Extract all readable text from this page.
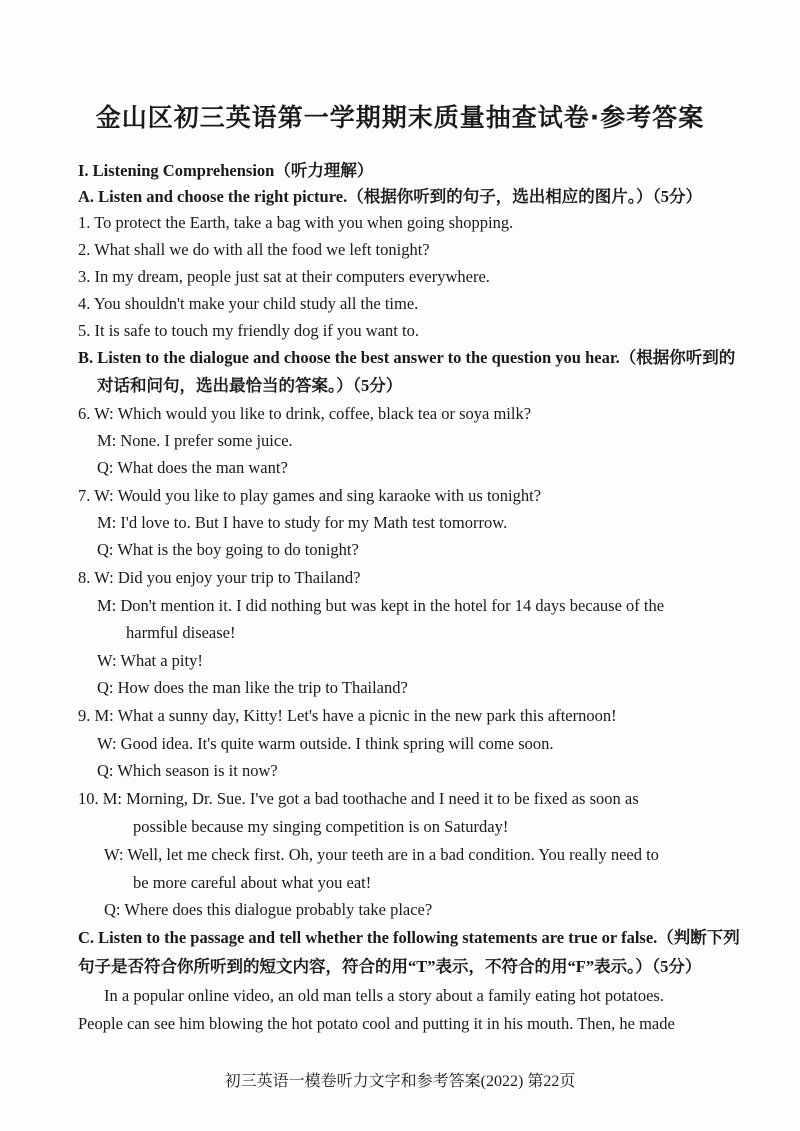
金山区初三英语第一学期期末质量抽查试卷·参考答案
I. Listening Comprehension（听力理解）
A. Listen and choose the right picture.（根据你听到的句子，选出相应的图片。）（5分）
1. To protect the Earth, take a bag with you when going shopping.
2. What shall we do with all the food we left tonight?
3. In my dream, people just sat at their computers everywhere.
4. You shouldn't make your child study all the time.
5. It is safe to touch my friendly dog if you want to.
B. Listen to the dialogue and choose the best answer to the question you hear.（根据你听到的
对话和问句，选出最恰当的答案。）（5分）
6. W: Which would you like to drink, coffee, black tea or soya milk?
M: None. I prefer some juice.
Q: What does the man want?
7. W: Would you like to play games and sing karaoke with us tonight?
M: I'd love to. But I have to study for my Math test tomorrow.
Q: What is the boy going to do tonight?
8. W: Did you enjoy your trip to Thailand?
M: Don't mention it. I did nothing but was kept in the hotel for 14 days because of the
harmful disease!
W: What a pity!
Q: How does the man like the trip to Thailand?
9. M: What a sunny day, Kitty! Let's have a picnic in the new park this afternoon!
W: Good idea. It's quite warm outside. I think spring will come soon.
Q: Which season is it now?
10. M: Morning, Dr. Sue. I've got a bad toothache and I need it to be fixed as soon as
possible because my singing competition is on Saturday!
W: Well, let me check first. Oh, your teeth are in a bad condition. You really need to
be more careful about what you eat!
Q: Where does this dialogue probably take place?
C. Listen to the passage and tell whether the following statements are true or false.（判断下列
句子是否符合你所听到的短文内容，符合的用“T”表示，不符合的用“F”表示。）（5分）
In a popular online video, an old man tells a story about a family eating hot potatoes.
People can see him blowing the hot potato cool and putting it in his mouth. Then, he made
初三英语一模卷听力文字和参考答案(2022) 第22页
